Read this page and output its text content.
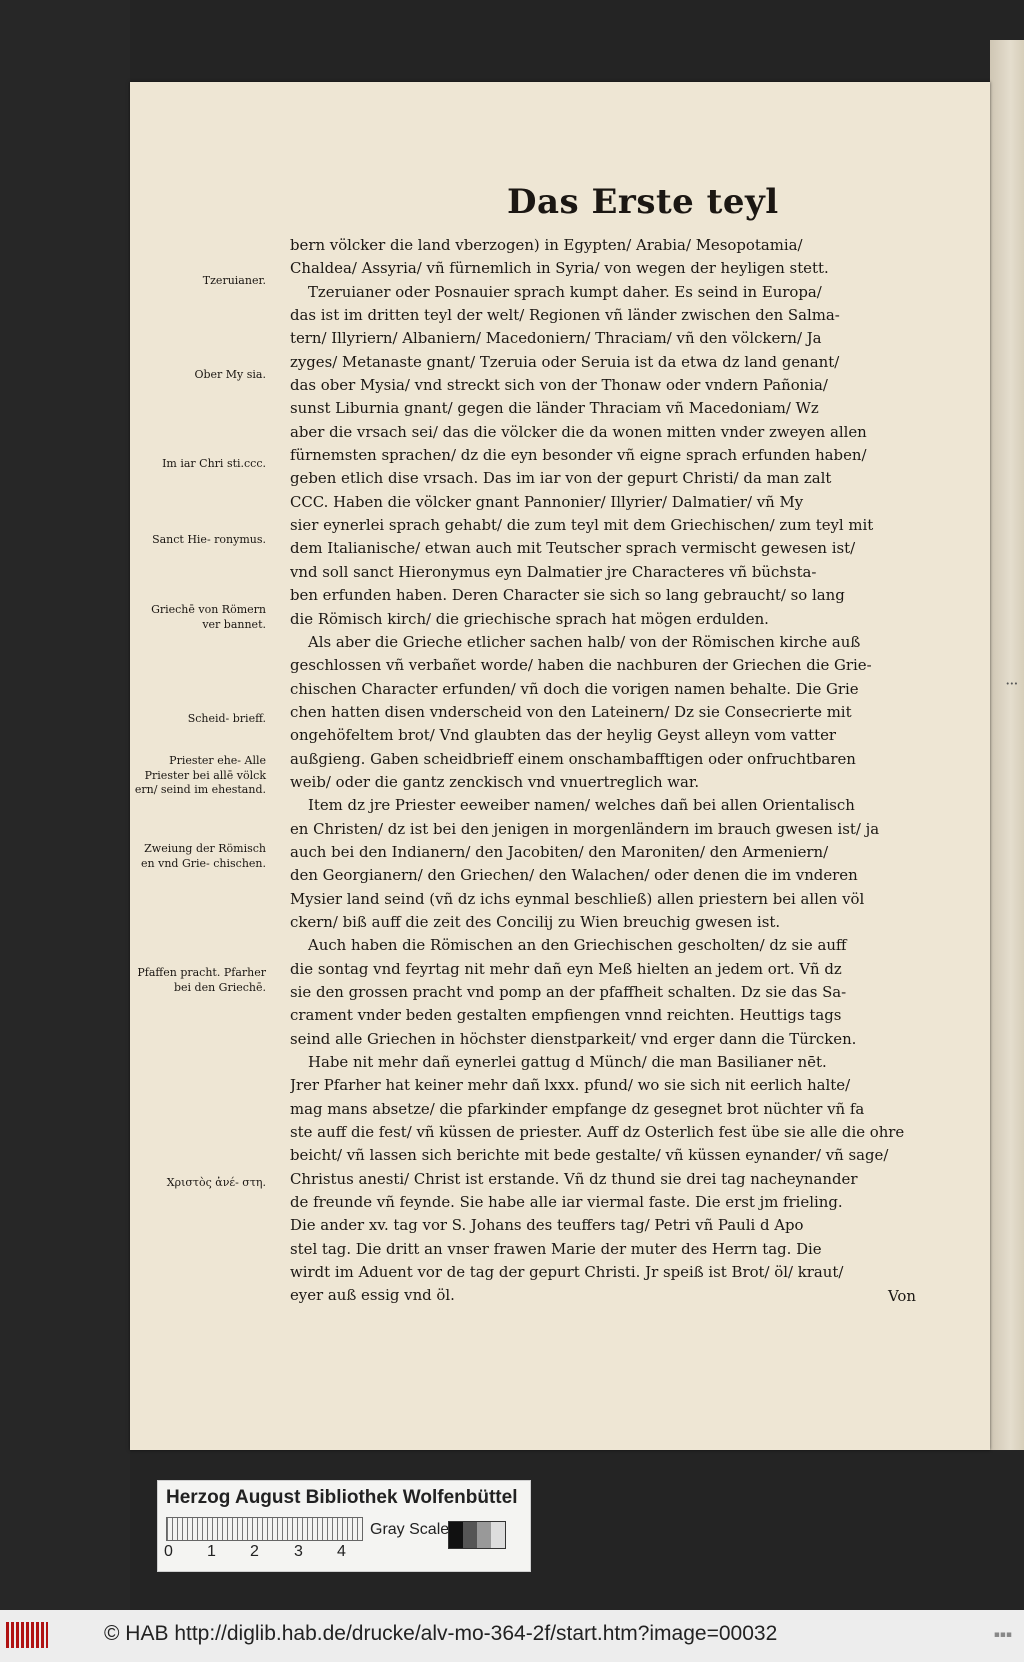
•••
Das Erste teyl
Tzeruianer.
Ober My sia.
Im iar Chri sti.ccc.
Sanct Hie- ronymus.
Griechē von Römern ver bannet.
Scheid- brieff.
Priester ehe- Alle Priester bei allē völck ern/ seind im ehestand.
Zweiung der Römisch en vnd Grie- chischen.
Pfaffen pracht. Pfarher bei den Griechē.
Χριστὸς ἀνέ- στη.
bern völcker die land vberzogen) in Egypten/ Arabia/ Mesopotamia/
Chaldea/ Assyria/ vñ fürnemlich in Syria/ von wegen der heyligen stett.
Tzeruianer oder Posnauier sprach kumpt daher. Es seind in Europa/
das ist im dritten teyl der welt/ Regionen vñ länder zwischen den Salma-
tern/ Illyriern/ Albaniern/ Macedoniern/ Thraciam/ vñ den völckern/ Ja
zyges/ Metanaste gnant/ Tzeruia oder Seruia ist da etwa dz land genant/
das ober Mysia/ vnd streckt sich von der Thonaw oder vndern Pañonia/
sunst Liburnia gnant/ gegen die länder Thraciam vñ Macedoniam/ Wz
aber die vrsach sei/ das die völcker die da wonen mitten vnder zweyen allen
fürnemsten sprachen/ dz die eyn besonder vñ eigne sprach erfunden haben/
geben etlich dise vrsach. Das im iar von der gepurt Christi/ da man zalt
CCC. Haben die völcker gnant Pannonier/ Illyrier/ Dalmatier/ vñ My
sier eynerlei sprach gehabt/ die zum teyl mit dem Griechischen/ zum teyl mit
dem Italianische/ etwan auch mit Teutscher sprach vermischt gewesen ist/
vnd soll sanct Hieronymus eyn Dalmatier jre Characteres vñ büchsta-
ben erfunden haben. Deren Character sie sich so lang gebraucht/ so lang
die Römisch kirch/ die griechische sprach hat mögen erdulden.
Als aber die Grieche etlicher sachen halb/ von der Römischen kirche auß
geschlossen vñ verbañet worde/ haben die nachburen der Griechen die Grie-
chischen Character erfunden/ vñ doch die vorigen namen behalte. Die Grie
chen hatten disen vnderscheid von den Lateinern/ Dz sie Consecrierte mit
ongehöfeltem brot/ Vnd glaubten das der heylig Geyst alleyn vom vatter
außgieng. Gaben scheidbrieff einem onschambafftigen oder onfruchtbaren
weib/ oder die gantz zenckisch vnd vnuertreglich war.
Item dz jre Priester eeweiber namen/ welches dañ bei allen Orientalisch
en Christen/ dz ist bei den jenigen in morgenländern im brauch gwesen ist/ ja
auch bei den Indianern/ den Jacobiten/ den Maroniten/ den Armeniern/
den Georgianern/ den Griechen/ den Walachen/ oder denen die im vnderen
Mysier land seind (vñ dz ichs eynmal beschließ) allen priestern bei allen völ
ckern/ biß auff die zeit des Concilij zu Wien breuchig gwesen ist.
Auch haben die Römischen an den Griechischen gescholten/ dz sie auff
die sontag vnd feyrtag nit mehr dañ eyn Meß hielten an jedem ort. Vñ dz
sie den grossen pracht vnd pomp an der pfaffheit schalten. Dz sie das Sa-
crament vnder beden gestalten empfiengen vnnd reichten. Heuttigs tags
seind alle Griechen in höchster dienstparkeit/ vnd erger dann die Türcken.
Habe nit mehr dañ eynerlei gattug d Münch/ die man Basilianer nēt.
Jrer Pfarher hat keiner mehr dañ lxxx. pfund/ wo sie sich nit eerlich halte/
mag mans absetze/ die pfarkinder empfange dz gesegnet brot nüchter vñ fa
ste auff die fest/ vñ küssen de priester. Auff dz Osterlich fest übe sie alle die ohre
beicht/ vñ lassen sich berichte mit bede gestalte/ vñ küssen eynander/ vñ sage/
Christus anesti/ Christ ist erstande. Vñ dz thund sie drei tag nacheynander
de freunde vñ feynde. Sie habe alle iar viermal faste. Die erst jm frieling.
Die ander xv. tag vor S. Johans des teuffers tag/ Petri vñ Pauli d Apo
stel tag. Die dritt an vnser frawen Marie der muter des Herrn tag. Die
wirdt im Aduent vor de tag der gepurt Christi. Jr speiß ist Brot/ öl/ kraut/
eyer auß essig vnd öl.	Von
Herzog August Bibliothek Wolfenbüttel
0 1 2 3 4
Gray Scale
© HAB http://diglib.hab.de/drucke/alv-mo-364-2f/start.htm?image=00032	▪▪▪
